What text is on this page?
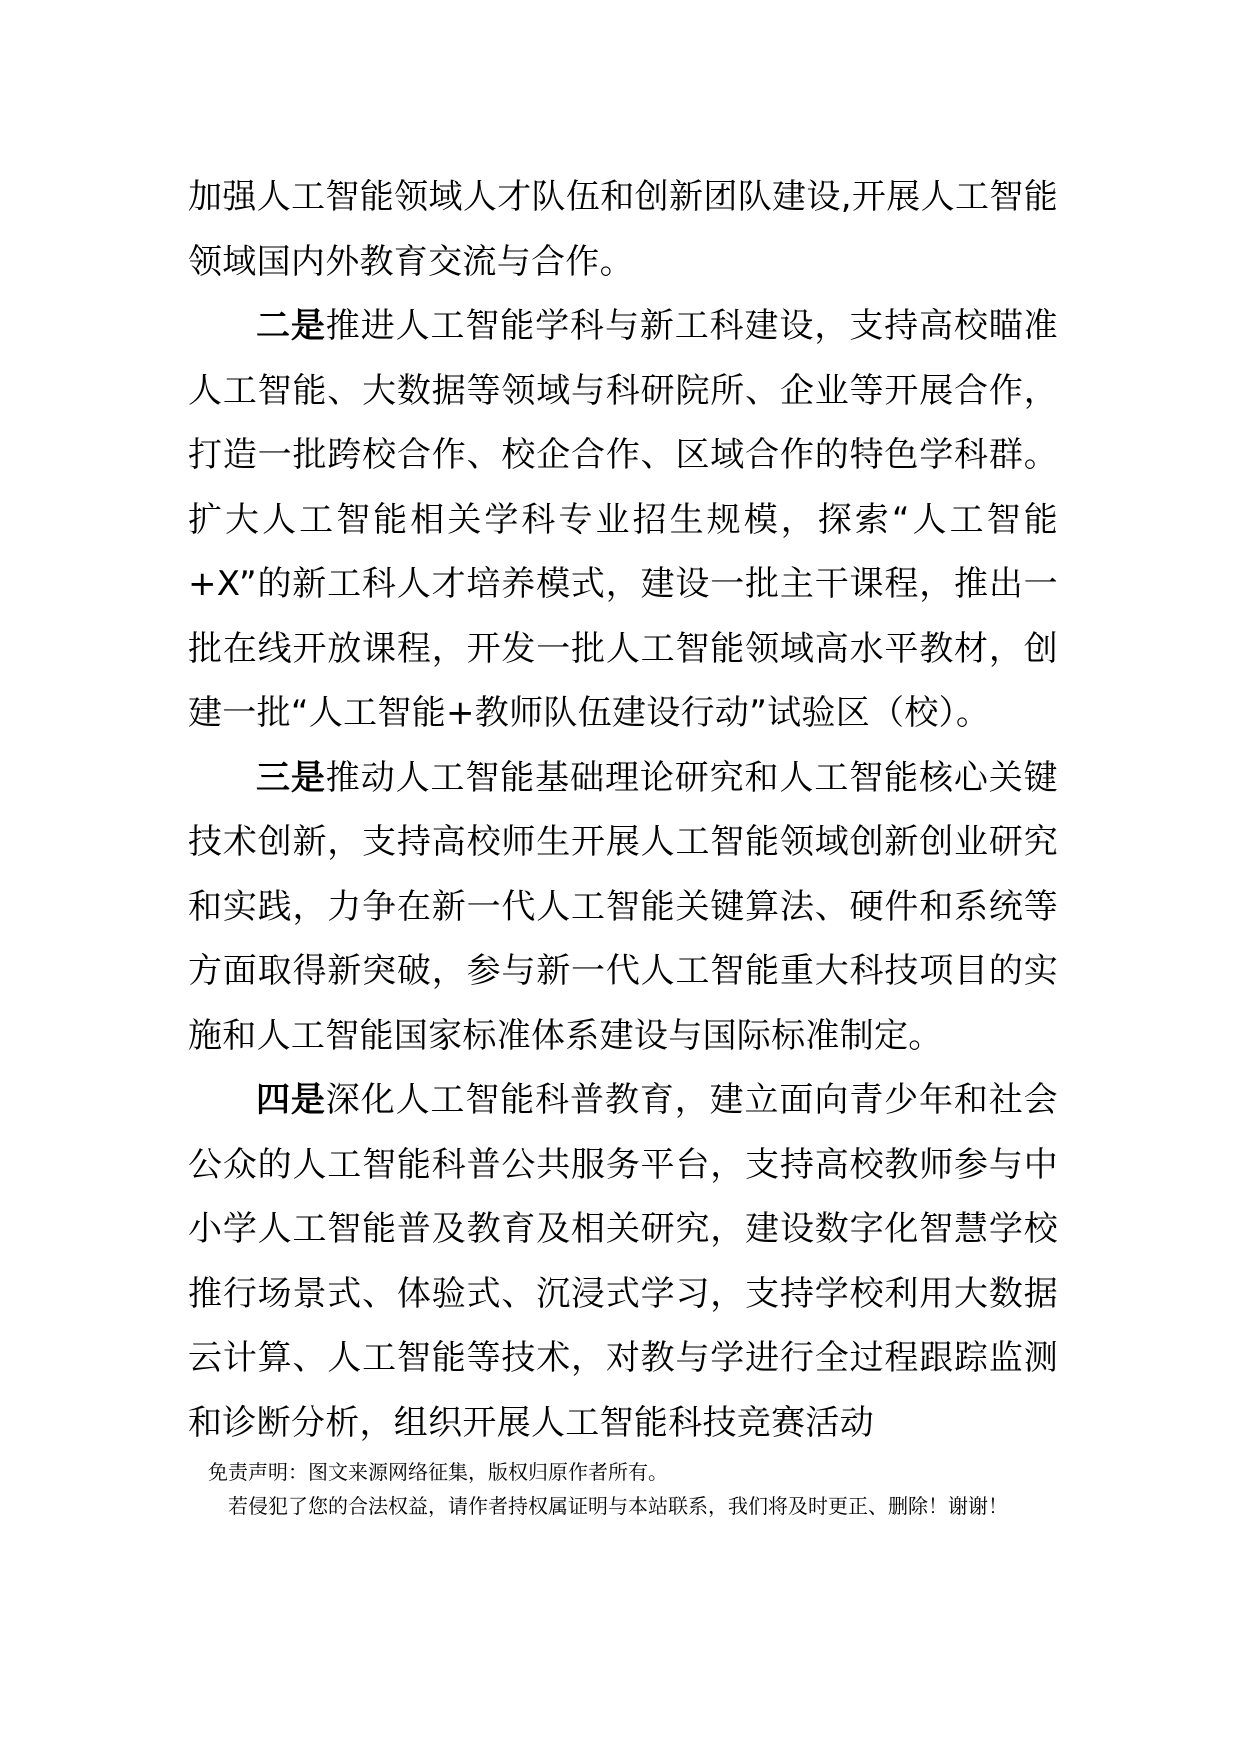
加强人工智能领域人才队伍和创新团队建设,开展人工智能领域国内外教育交流与合作。

二是推进人工智能学科与新工科建设，支持高校瞄准人工智能、大数据等领域与科研院所、企业等开展合作，打造一批跨校合作、校企合作、区域合作的特色学科群。扩大人工智能相关学科专业招生规模，探索“人工智能+X”的新工科人才培养模式，建设一批主干课程，推出一批在线开放课程，开发一批人工智能领域高水平教材，创建一批“人工智能+教师队伍建设行动”试验区（校）。

三是推动人工智能基础理论研究和人工智能核心关键技术创新，支持高校师生开展人工智能领域创新创业研究和实践，力争在新一代人工智能关键算法、硬件和系统等方面取得新突破，参与新一代人工智能重大科技项目的实施和人工智能国家标准体系建设与国际标准制定。

四是深化人工智能科普教育，建立面向青少年和社会公众的人工智能科普公共服务平台，支持高校教师参与中小学人工智能普及教育及相关研究，建设数字化智慧学校推行场景式、体验式、沉浸式学习，支持学校利用大数据云计算、人工智能等技术，对教与学进行全过程跟踪监测和诊断分析，组织开展人工智能科技竞赛活动

免责声明：图文来源网络征集，版权归原作者所有。

若侵犯了您的合法权益，请作者持权属证明与本站联系，我们将及时更正、删除！谢谢！
